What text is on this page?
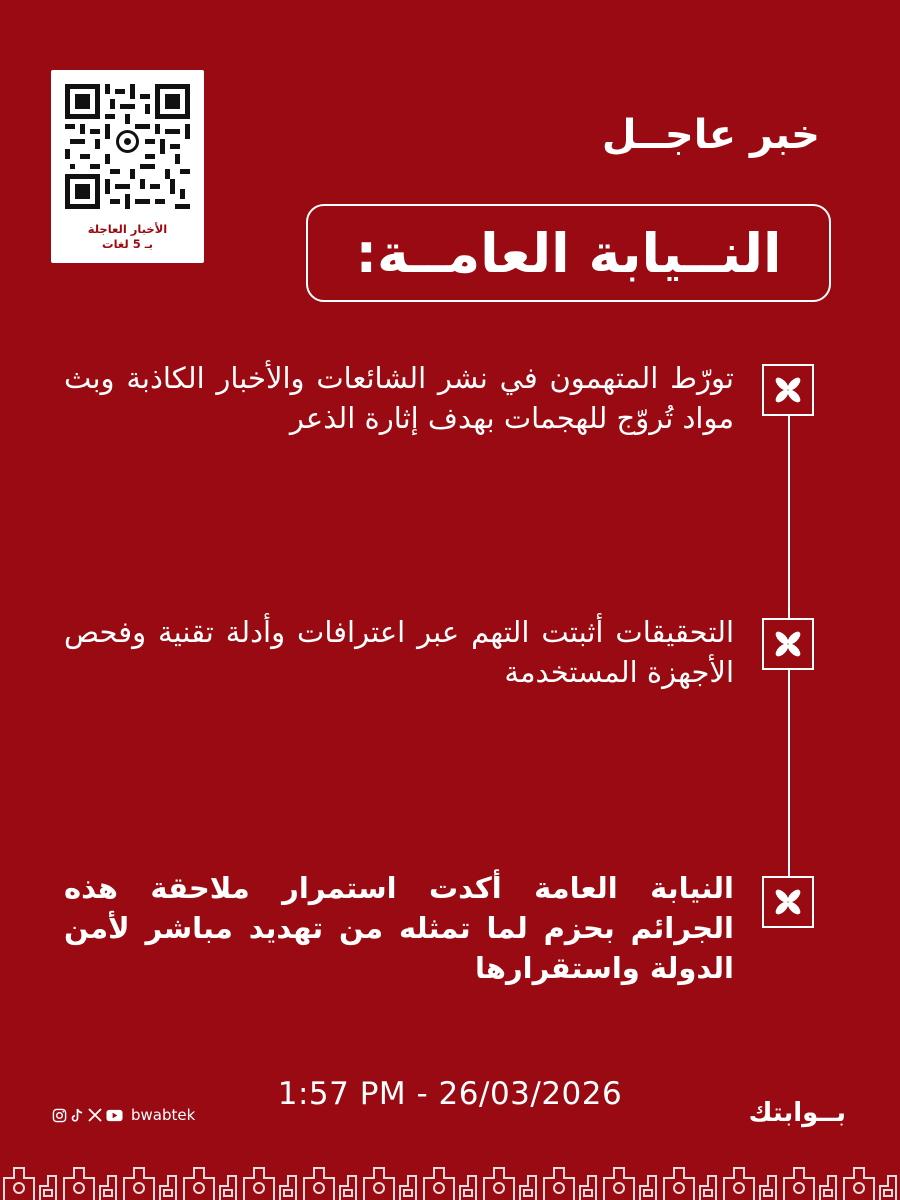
الأخبار العاجلة
بـ 5 لغات
خبر عاجــل
النــيابة العامــة:
تورّط المتهمون في نشر الشائعات والأخبار الكاذبة وبث مواد تُروّج للهجمات بهدف إثارة الذعر
التحقيقات أثبتت التهم عبر اعترافات وأدلة تقنية وفحص الأجهزة المستخدمة
النيابة العامة أكدت استمرار ملاحقة هذه الجرائم بحزم لما تمثله من تهديد مباشر لأمن الدولة واستقرارها
1:57 PM - 26/03/2026
bwabtek	بــوابتك
